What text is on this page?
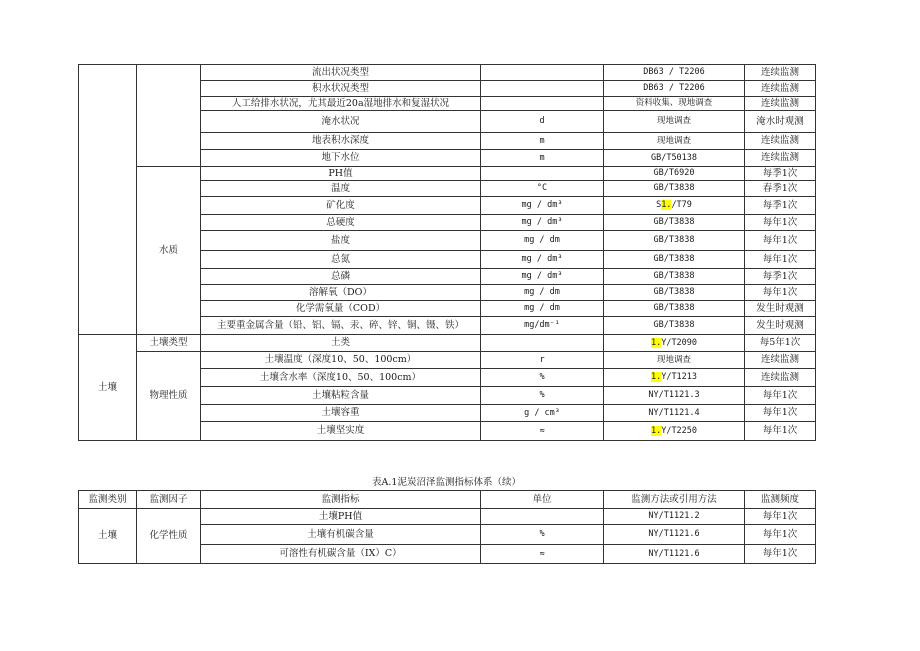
		流出状况类型		DB63 / T2206	连续监测
		积水状况类型		DB63 / T2206	连续监测
		人工给排水状况，尤其最近20a湿地排水和复湿状况		资料收集、现地调查	连续监测
		淹水状况	d	现地调查	淹水时观测
		地表积水深度	m	现地调查	连续监测
		地下水位	m	GB/T50138	连续监测
	水质	PH值		GB/T6920	每季1次
		温度	°C	GB/T3838	春季1次
		矿化度	mg / dm³	S1./T79	每季1次
		总硬度	mg / dm³	GB/T3838	每年1次
		盐度	mg / dm	GB/T3838	每年1次
		总氮	mg / dm³	GB/T3838	每年1次
		总磷	mg / dm³	GB/T3838	每季1次
		溶解氧（DO）	mg / dm	GB/T3838	每年1次
		化学需氧量（COD）	mg / dm	GB/T3838	发生时观测
		主要重金属含量（铅、铝、镉、汞、碎、锌、铜、镊、铁）	mg/dm⁻¹	GB/T3838	发生时观测
土壤	土壤类型	土类		1.Y/T2090	每5年1次
	物理性质	土壤温度（深度10、50、100cm）	r	现地调查	连续监测
		土壤含水率（深度10、50、100cm）	%	1.Y/T1213	连续监测
		土壤粘粒含量	%	NY/T1121.3	每年1次
		土壤容重	g / cm³	NY/T1121.4	每年1次
		土壤坚实度	≈	1.Y/T2250	每年1次
表A.1泥炭沼泽监测指标体系（续）
监测类别	监测因子	监测指标	单位	监测方法或引用方法	监测频度
土壤	化学性质	土壤PH值		NY/T1121.2	每年1次
		土壤有机碳含量	%	NY/T1121.6	每年1次
		可溶性有机碳含量（IX）C）	≈	NY/T1121.6	每年1次
